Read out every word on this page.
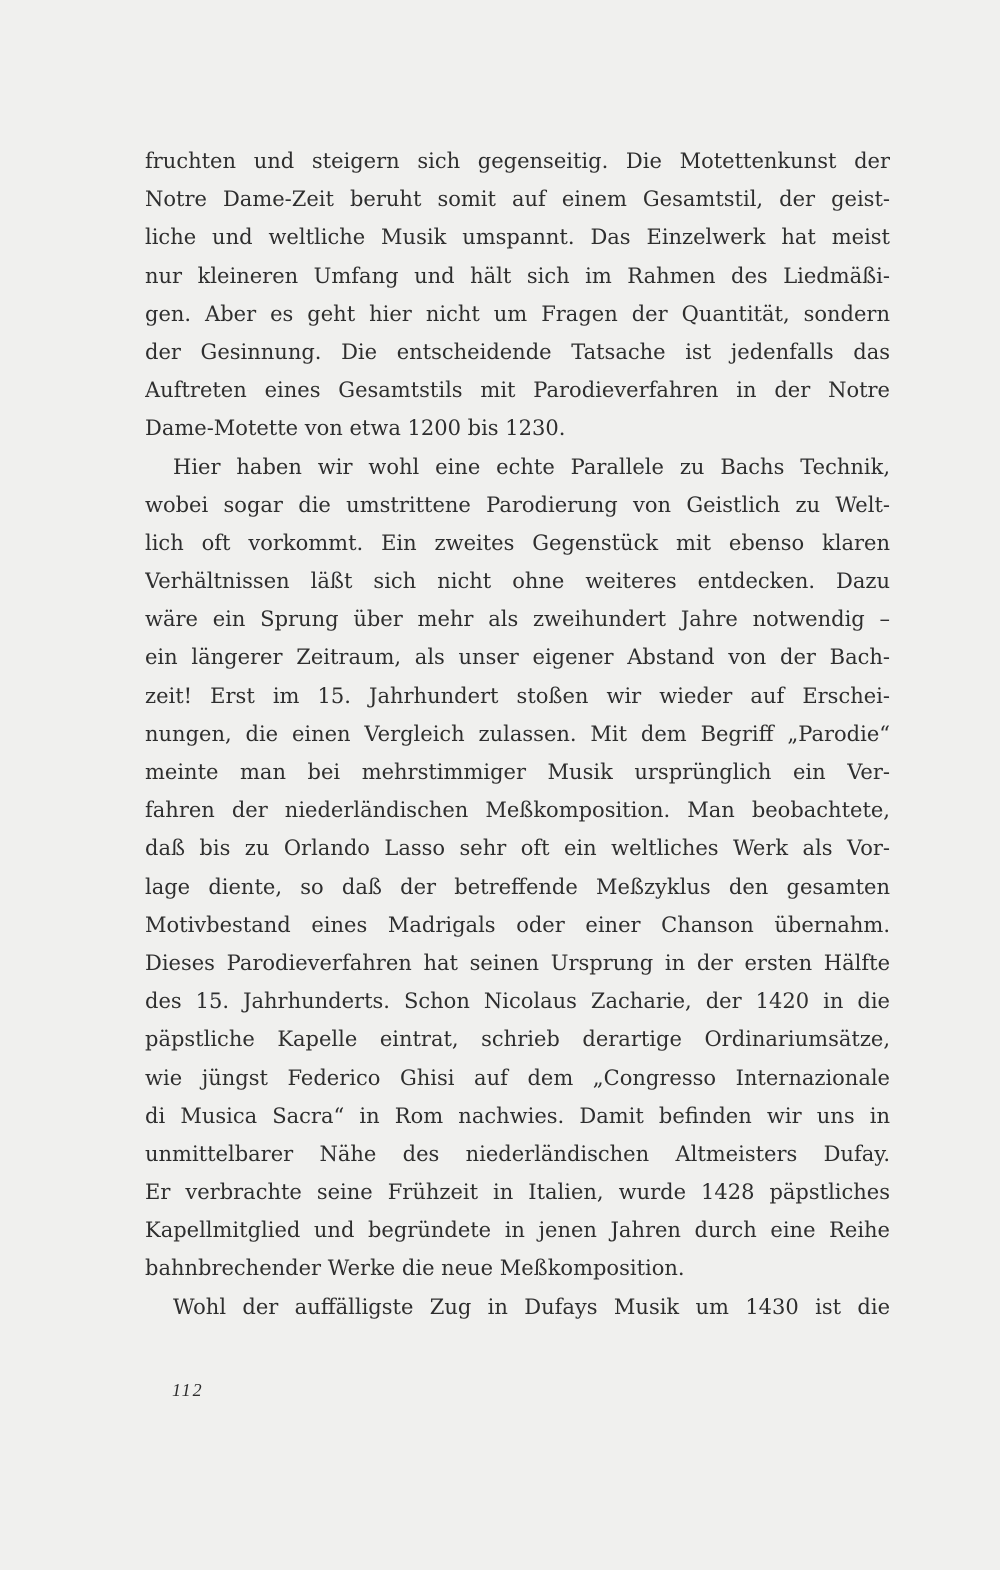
fruchten und steigern sich gegenseitig. Die Motettenkunst der
Notre Dame-Zeit beruht somit auf einem Gesamtstil, der geist-
liche und weltliche Musik umspannt. Das Einzelwerk hat meist
nur kleineren Umfang und hält sich im Rahmen des Liedmäßi-
gen. Aber es geht hier nicht um Fragen der Quantität, sondern
der Gesinnung. Die entscheidende Tatsache ist jedenfalls das
Auftreten eines Gesamtstils mit Parodieverfahren in der Notre
Dame-Motette von etwa 1200 bis 1230.
Hier haben wir wohl eine echte Parallele zu Bachs Technik,
wobei sogar die umstrittene Parodierung von Geistlich zu Welt-
lich oft vorkommt. Ein zweites Gegenstück mit ebenso klaren
Verhältnissen läßt sich nicht ohne weiteres entdecken. Dazu
wäre ein Sprung über mehr als zweihundert Jahre notwendig –
ein längerer Zeitraum, als unser eigener Abstand von der Bach-
zeit! Erst im 15. Jahrhundert stoßen wir wieder auf Erschei-
nungen, die einen Vergleich zulassen. Mit dem Begriff „Parodie“
meinte man bei mehrstimmiger Musik ursprünglich ein Ver-
fahren der niederländischen Meßkomposition. Man beobachtete,
daß bis zu Orlando Lasso sehr oft ein weltliches Werk als Vor-
lage diente, so daß der betreffende Meßzyklus den gesamten
Motivbestand eines Madrigals oder einer Chanson übernahm.
Dieses Parodieverfahren hat seinen Ursprung in der ersten Hälfte
des 15. Jahrhunderts. Schon Nicolaus Zacharie, der 1420 in die
päpstliche Kapelle eintrat, schrieb derartige Ordinariumsätze,
wie jüngst Federico Ghisi auf dem „Congresso Internazionale
di Musica Sacra“ in Rom nachwies. Damit befinden wir uns in
unmittelbarer Nähe des niederländischen Altmeisters Dufay.
Er verbrachte seine Frühzeit in Italien, wurde 1428 päpstliches
Kapellmitglied und begründete in jenen Jahren durch eine Reihe
bahnbrechender Werke die neue Meßkomposition.
Wohl der auffälligste Zug in Dufays Musik um 1430 ist die
112
